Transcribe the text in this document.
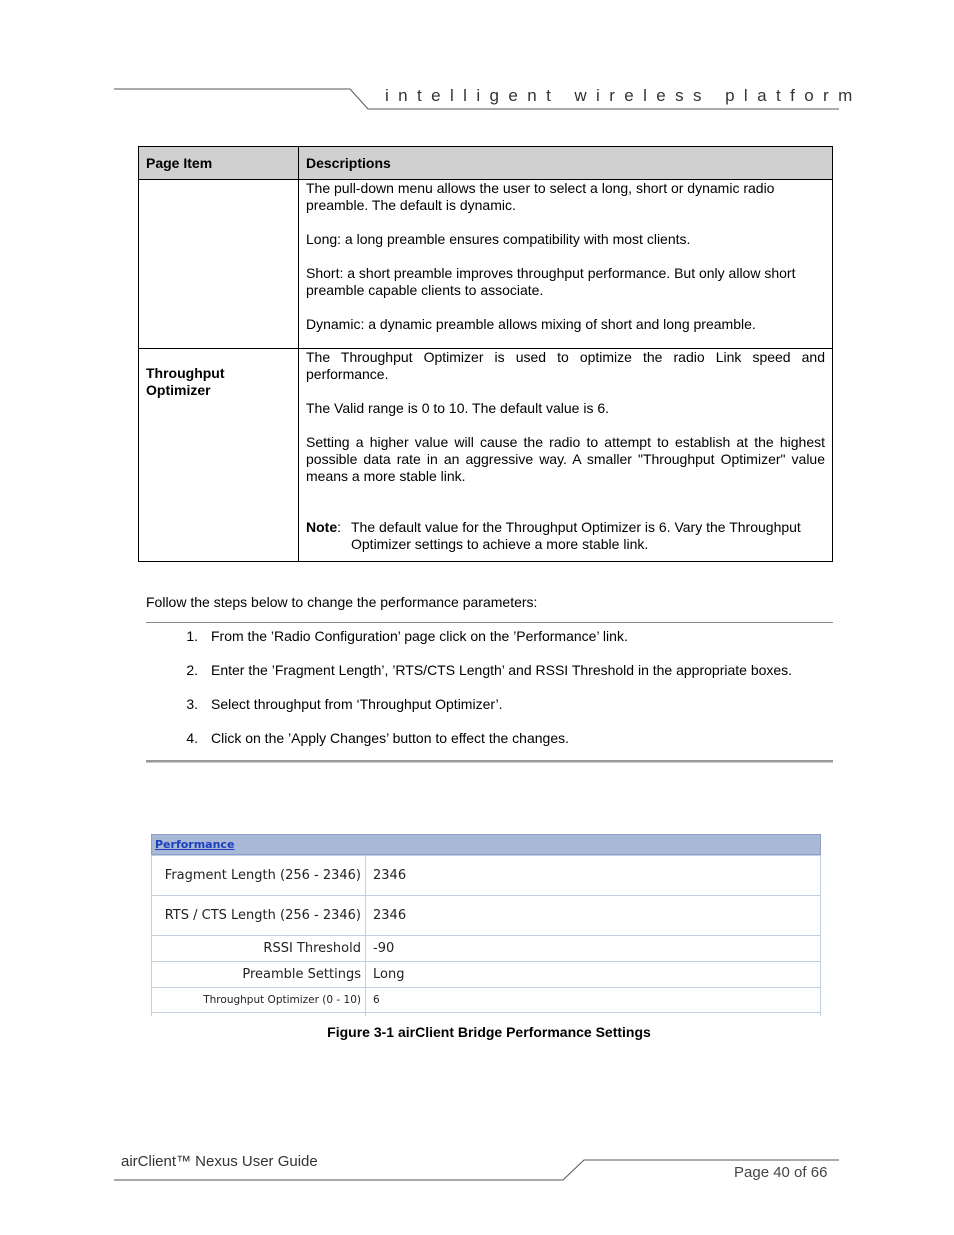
intelligent wireless platform
Page Item	Descriptions

	The pull-down menu allows the user to select a long, short or dynamic radio preamble. The default is dynamic.

Long: a long preamble ensures compatibility with most clients.

Short: a short preamble improves throughput performance. But only allow short preamble capable clients to associate.

Dynamic: a dynamic preamble allows mixing of short and long preamble.

Throughput Optimizer	The Throughput Optimizer is used to optimize the radio Link speed and performance.

The Valid range is 0 to 10. The default value is 6.

Setting a higher value will cause the radio to attempt to establish at the highest possible data rate in an aggressive way. A smaller "Throughput Optimizer" value means a more stable link.

Note: The default value for the Throughput Optimizer is 6. Vary the Throughput Optimizer settings to achieve a more stable link.
Follow the steps below to change the performance parameters:
1. From the ’Radio Configuration’ page click on the ’Performance’ link.
2. Enter the ’Fragment Length’, ’RTS/CTS Length’ and RSSI Threshold in the appropriate boxes.
3. Select throughput from ‘Throughput Optimizer’.
4. Click on the ’Apply Changes’ button to effect the changes.
Performance
Fragment Length (256 - 2346)	2346
RTS / CTS Length (256 - 2346)	2346
RSSI Threshold	-90
Preamble Settings	Long
Throughput Optimizer (0 - 10)	6

Figure 3-1 airClient Bridge Performance Settings
airClient™ Nexus User Guide
Page 40 of 66
